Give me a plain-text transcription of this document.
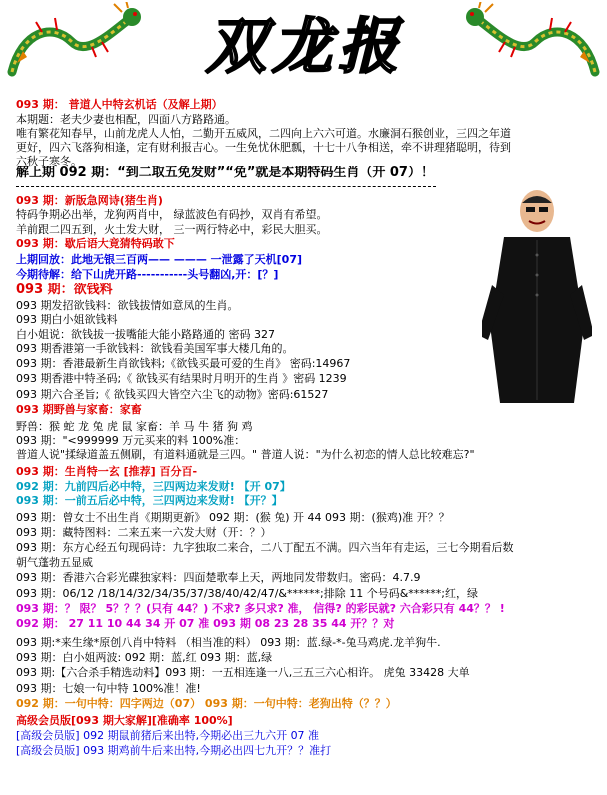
双龙报
093 期： 普道人中特玄机话（及解上期）
本期题：老夫少妻也相配，四面八方路路通。
唯有繁花知春早，山前龙虎人人怕，二勤开五威风，二四向上六六可道。水廉洞石猴创业，三四之年道
更好，四六飞落狗相逢，定有财利报吉心。一生免忧休肥瓢，十七十八争相送，牵不讲理猪聪明，待到
六秋子寒冬。
解上期 092 期：“到二取五免发财”“免”就是本期特码生肖（开 07）！
093 期：新版急网诗(猪生肖)
特码争期必出举，龙狗两肖中， 绿蓝波色有码抄，双肖有希望。
羊前跟二四五到，火土发大财， 三一两行特必中，彩民大胆买。
093 期：歇后语大竟猜特码敢下
上期回放：此地无银三百两—— ——— 一泄露了天机[07]
今期待解：给下山虎开路-----------头号翻凶,开：[？]
093 期：欲钱料
093 期发招欲钱料：欲钱拔情如意凤的生肖。
093 期白小姐欲钱料
白小姐说：欲钱拔一拔嘴能大能小路路通的 密码 327
093 期香港第一手欲钱料：欲钱看美国军事大楼几角的。
093 期：香港最新生肖欲钱料;《欲钱买最可爱的生肖》 密码:14967
093 期香港中特圣码;《 欲钱买有结果时月明开的生肖 》密码 1239
093 期六合圣旨;《 欲钱买四大皆空六尘飞的动物》密码:61527
093 期野兽与家畜：家畜
野兽：猴 蛇 龙 兔 虎 鼠 家畜：羊 马 牛 猪 狗 鸡
093 期："<999999 万元买来的料 100%准：
普道人说"揉绿道盖五侧刷，有道料通就是三四。" 普道人说："为什么初恋的情人总比较难忘?"
093 期：生肖特一玄 [推荐] 百分百-
092 期：九前四后必中特，三四两边来发财! 【开 07】
093 期：一前五后必中特，三四两边来发财! 【开？】
093 期：曾女士不出生肖《期期更新》 092 期：(猴 兔) 开 44 093 期：(猴鸡)准 开？？
093 期：藏特图料：二来五来一六发大财（开：？）
093 期：东方心经五句现码诗：九字独取二来合，二八丁配五不满。四六当年有走运，三七今期看后数
朝气蓬勃五显威
093 期：香港六合彩光碟独家料：四面楚歌奉上天，两地同发带数归。密码：4.7.9
093 期：06/12 /18/14/32/34/35/37/38/40/42/47/&******;排除 11 个号码&******;红，绿
093 期：？ 限？ 5？？？(只有 44？) 不求? 多只求? 准， 信得? 的彩民就? 六合彩只有 44？？ !
092 期： 27 11 10 44 34 开 07 准 093 期 08 23 28 35 44 开？？对
093 期:*来生缘*原创八肖中特料 （相当准的料） 093 期：蓝.绿-*-兔马鸡虎.龙羊狗牛.
093 期：白小姐两波: 092 期：蓝,红 093 期：蓝,绿
093 期:【六合杀手精选动料】093 期：一五相连逢一八,三五三六心相许。 虎兔 33428 大单
093 期：七娘一句中特 100%准！准!
092 期：一句中特：四字两边（07） 093 期：一句中特：老狗出特（？？）
高级会员版[093 期大家解][准确率 100%]
[高级会员版] 092 期鼠前猪后来出特,今期必出三九六开 07 准
[高级会员版] 093 期鸡前牛后来出特,今期必出四七九开？？准打
